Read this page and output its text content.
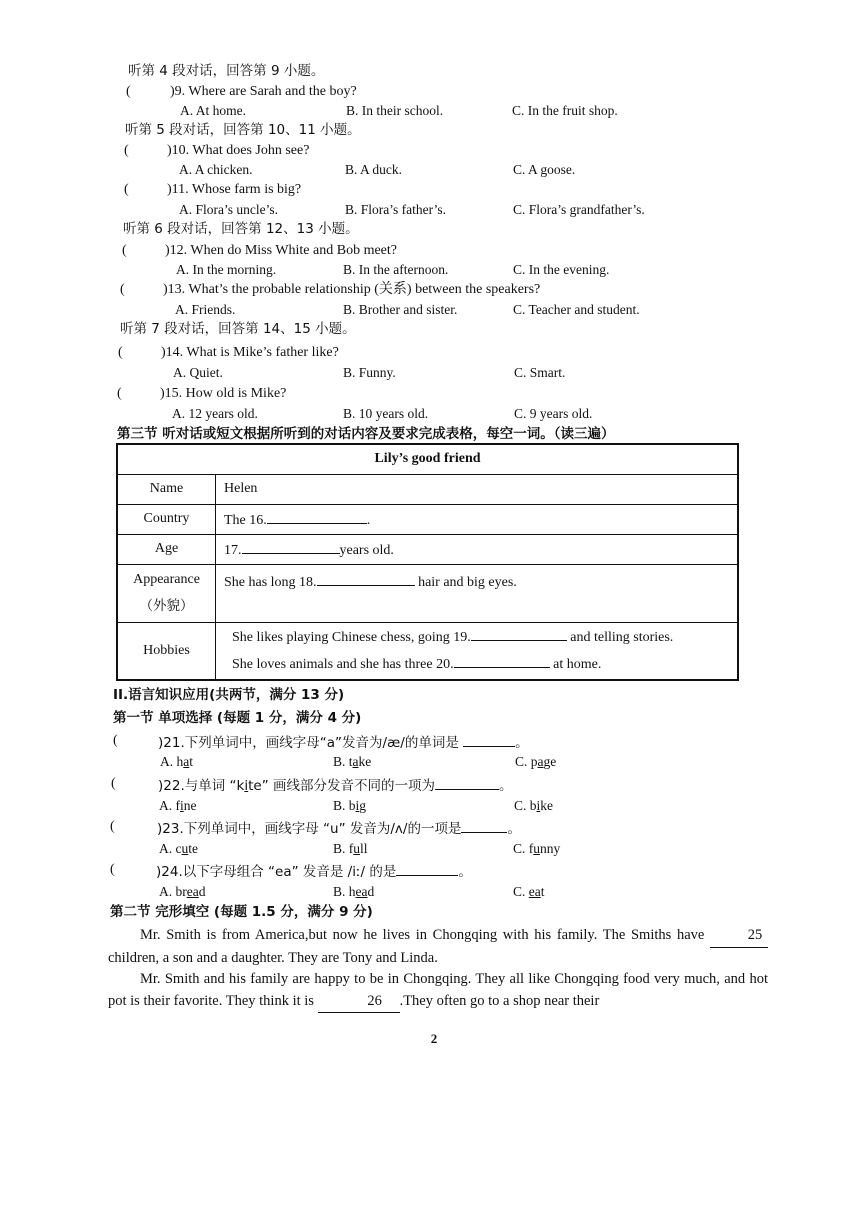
听第 4 段对话，回答第 9 小题。
(	)9. Where are Sarah and the boy?
A. At home.	B. In their school.	C. In the fruit shop.
听第 5 段对话，回答第 10、11 小题。
(	)10. What does John see?
A. A chicken.	B. A duck.	C. A goose.
(	)11. Whose farm is big?
A. Flora’s uncle’s.	B. Flora’s father’s.	C. Flora’s grandfather’s.
听第 6 段对话，回答第 12、13 小题。
(	)12. When do Miss White and Bob meet?
A. In the morning.	B. In the afternoon.	C. In the evening.
(	)13. What’s the probable relationship (关系) between the speakers?
A. Friends.	B. Brother and sister.	C. Teacher and student.
听第 7 段对话，回答第 14、15 小题。
(	)14. What is Mike’s father like?
A. Quiet.	B. Funny.	C. Smart.
(	)15. How old is Mike?
A. 12 years old.	B. 10 years old.	C. 9 years old.
第三节 听对话或短文根据所听到的对话内容及要求完成表格，每空一词。（读三遍）
Lily’s good friend	
Name	Helen
Country	The 16. .
Age	17. years old.

Appearance
（外貌）	She has long 18. hair and big eyes.
Hobbies	She likes playing Chinese chess, going 19. and telling stories.
She loves animals and she has three 20. at home.
II.语言知识应用(共两节，满分 13 分)
第一节 单项选择 (每题 1 分，满分 4 分)
(	)21.下列单词中，画线字母“a”发音为/æ/的单词是	。
A. hat	B. take	C. page
(	)22.与单词 “kite” 画线部分发音不同的一项为	。
A. fine	B. big	C. bike
(	)23.下列单词中，画线字母 “u” 发音为/ʌ/的一项是	。
A. cute	B. full	C. funny
(	)24.以下字母组合 “ea” 发音是 /iː/ 的是	。
A. bread	B. head	C. eat
第二节 完形填空 (每题 1.5 分，满分 9 分)
Mr. Smith is from America,but now he lives in Chongqing with his family. The Smiths have	25children, a son and a daughter. They are Tony and Linda.
Mr. Smith and his family are happy to be in Chongqing. They all like Chongqing food very much, and hot pot is their favorite. They think it is	26 .They often go to a shop near their
2
